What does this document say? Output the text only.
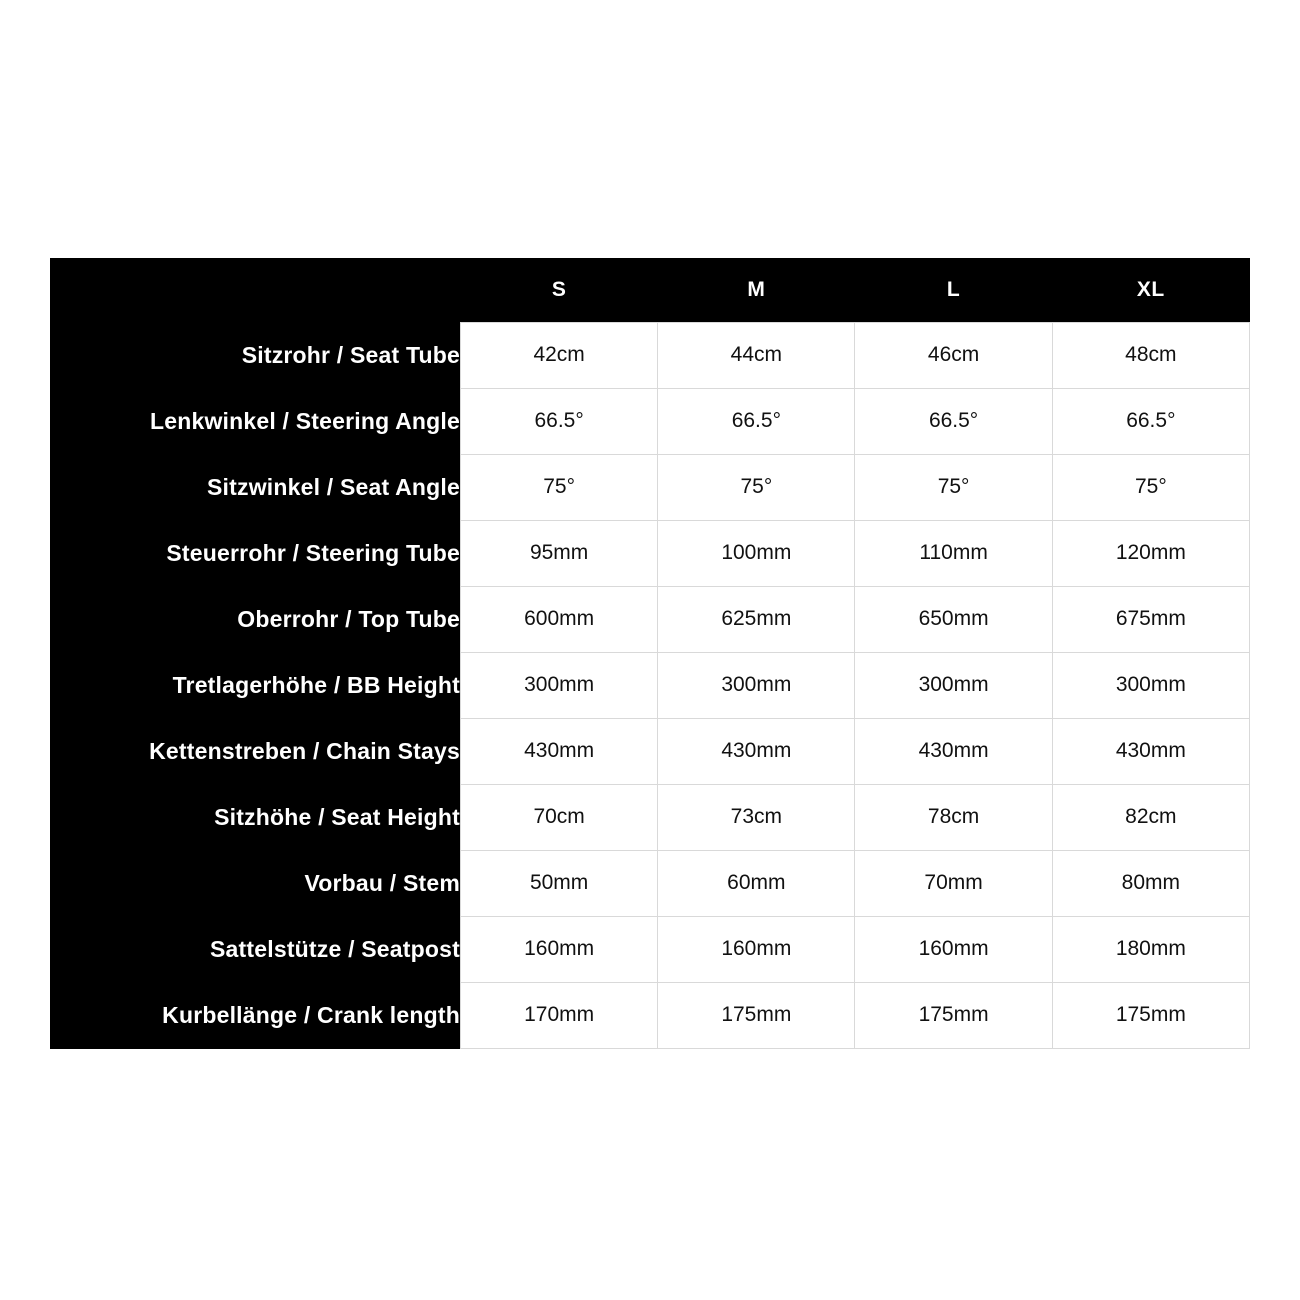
	S	M	L	XL
Sitzrohr / Seat Tube	42cm	44cm	46cm	48cm
Lenkwinkel / Steering Angle	66.5°	66.5°	66.5°	66.5°
Sitzwinkel / Seat Angle	75°	75°	75°	75°
Steuerrohr / Steering Tube	95mm	100mm	110mm	120mm
Oberrohr / Top Tube	600mm	625mm	650mm	675mm
Tretlagerhöhe / BB Height	300mm	300mm	300mm	300mm
Kettenstreben / Chain Stays	430mm	430mm	430mm	430mm
Sitzhöhe / Seat Height	70cm	73cm	78cm	82cm
Vorbau / Stem	50mm	60mm	70mm	80mm
Sattelstütze / Seatpost	160mm	160mm	160mm	180mm
Kurbellänge / Crank length	170mm	175mm	175mm	175mm
